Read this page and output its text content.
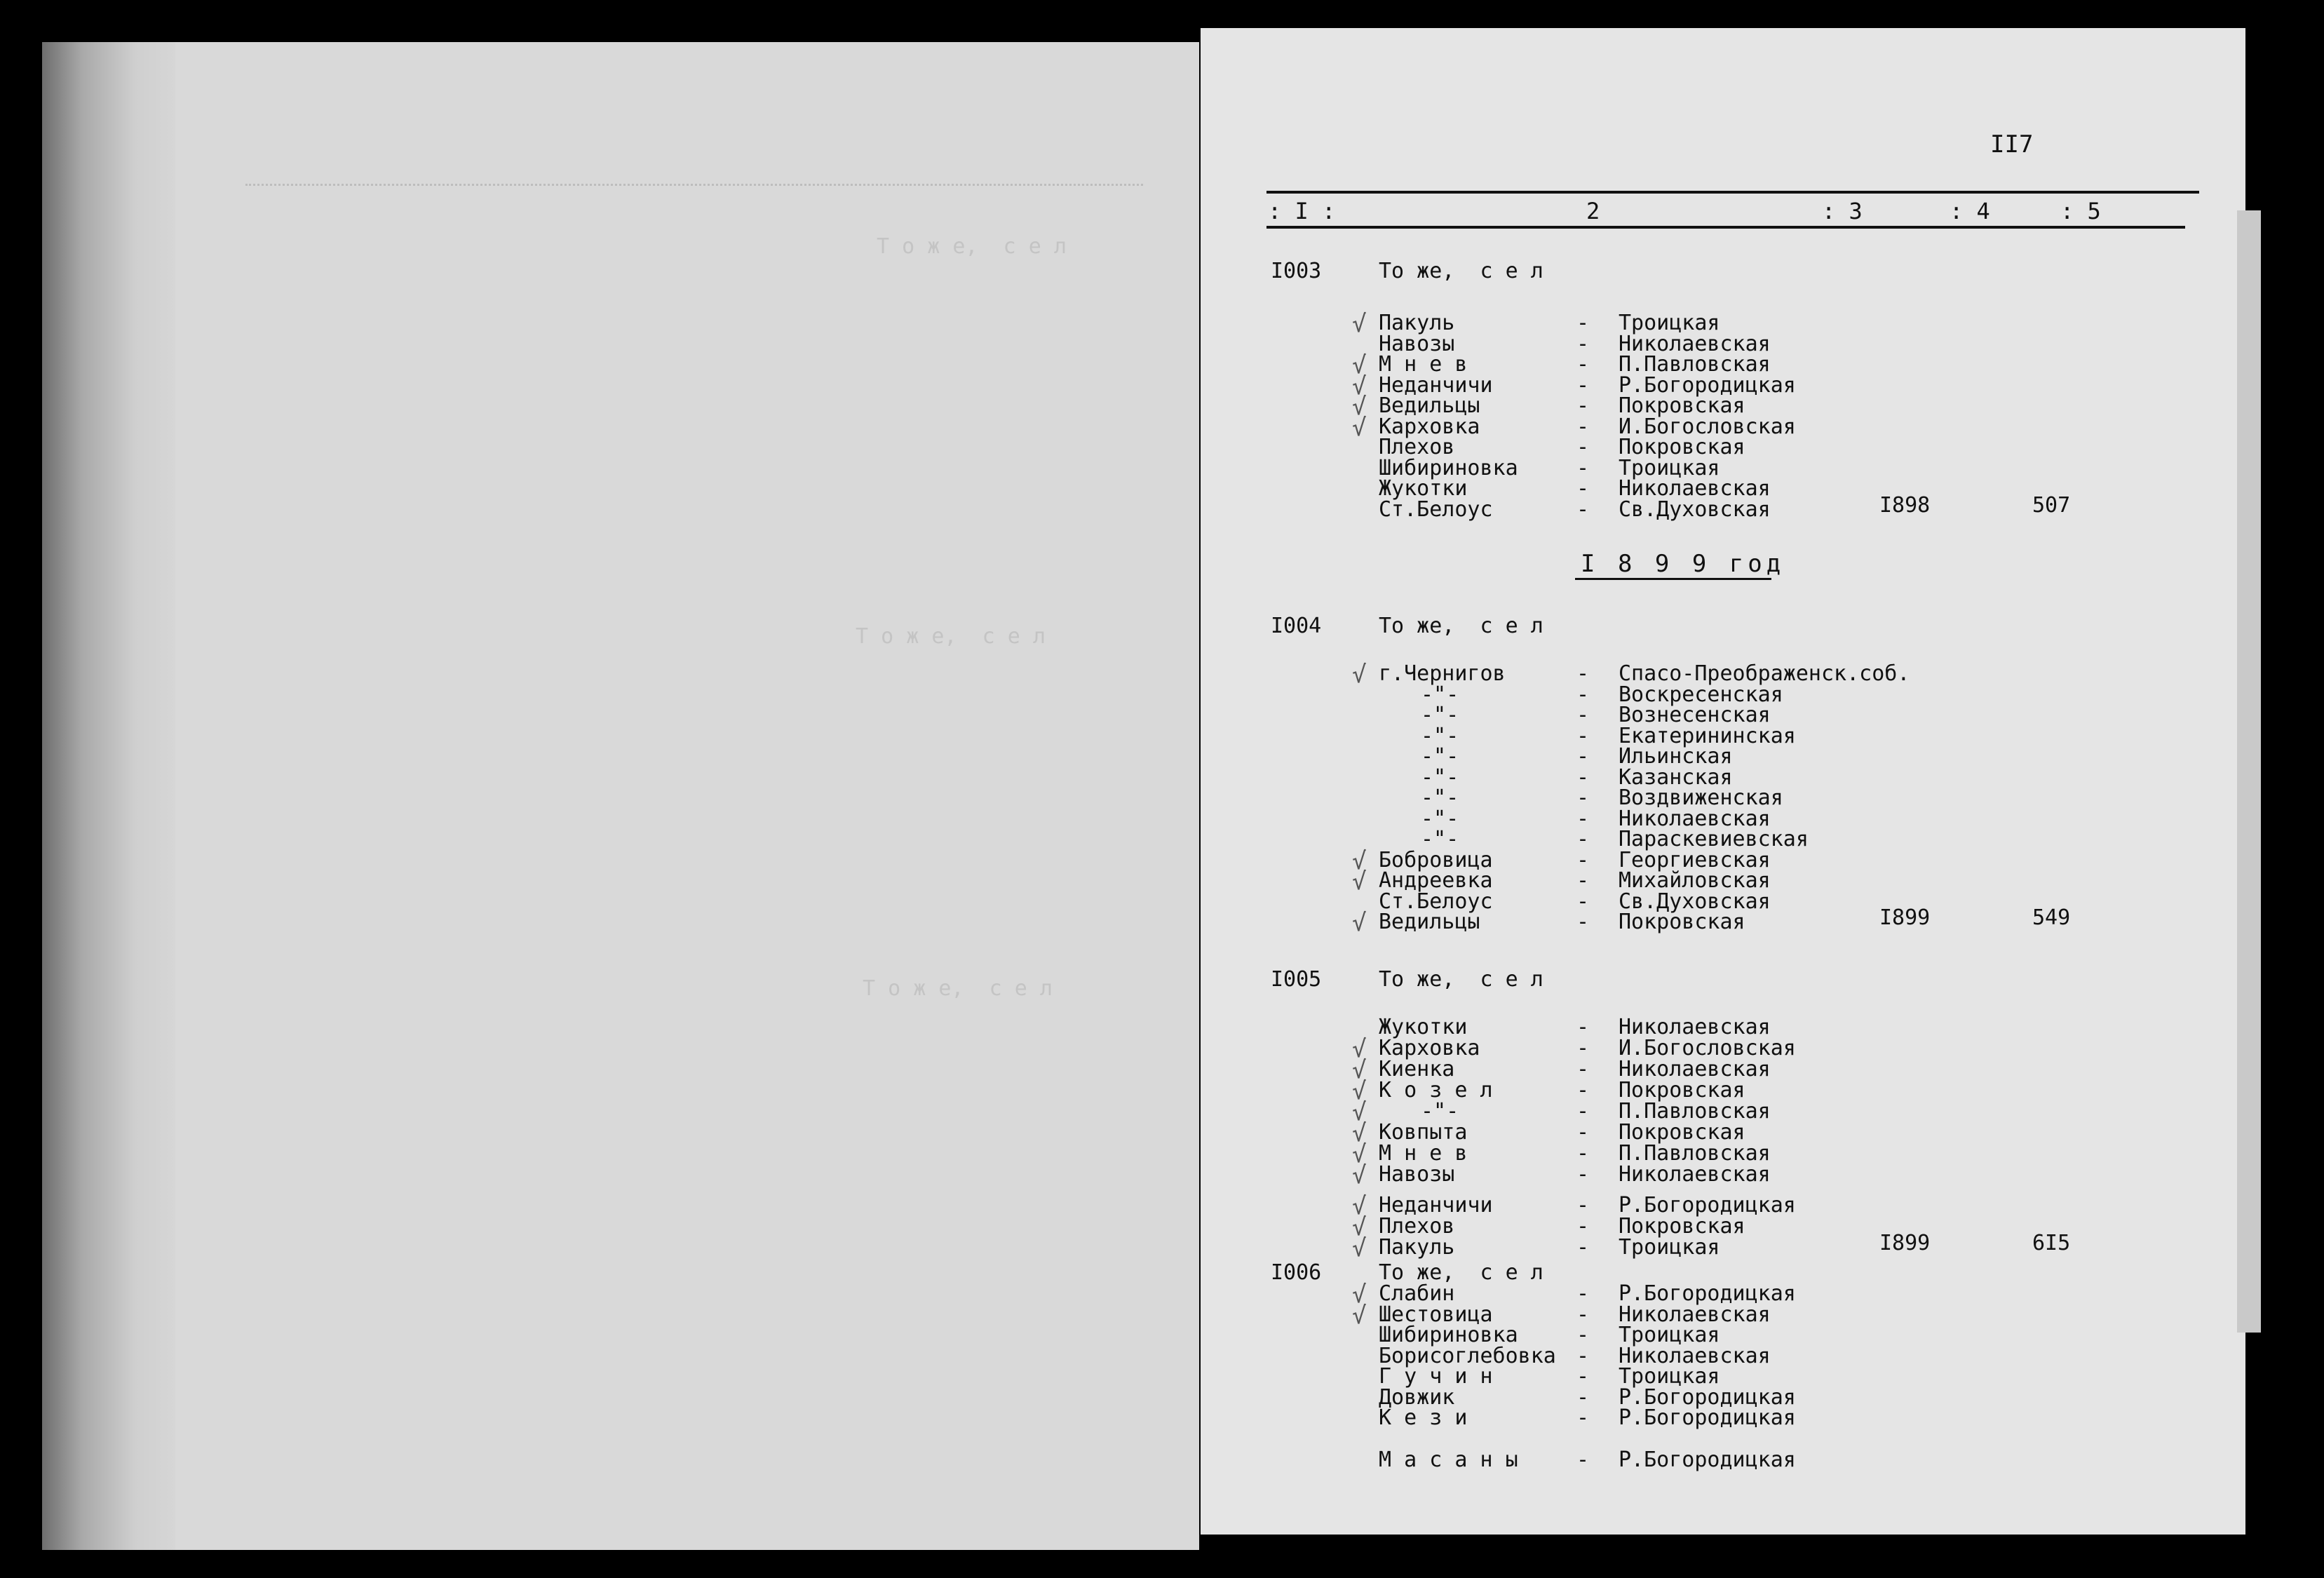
Т о ж е,  с е л
Т о ж е,  с е л
Т о ж е,  с е л
II7
: I :	2	: 3	: 4	: 5
I003	То же,  с е л
√ Пакуль	- Троицкая
Навозы	- Николаевская
√ М н е в	- П.Павловская
√ Неданчичи	- Р.Богородицкая
√ Ведильцы	- Покровская
√ Карховка	- И.Богословская
Плехов	- Покровская
Шибириновка	- Троицкая
Жукотки	- Николаевская
Ст.Белоус	- Св.Духовская	I898	507
I004	То же,  с е л
√ г.Чернигов	- Спасо-Преображенск.соб.
-"-	- Воскресенская
-"-	- Вознесенская
-"-	- Екатерининская
-"-	- Ильинская
-"-	- Казанская
-"-	- Воздвиженская
-"-	- Николаевская
-"-	- Параскевиевская
√ Бобровица	- Георгиевская
√ Андреевка	- Михайловская
Ст.Белоус	- Св.Духовская
√ Ведильцы	- Покровская	I899	549
I005	То же,  с е л
Жукотки	- Николаевская
√ Карховка	- И.Богословская
√ Киенка	- Николаевская
√ К о з е л	- Покровская
√	-"-	- П.Павловская
√ Ковпыта	- Покровская
√ М н е в	- П.Павловская
√ Навозы	- Николаевская
√ Неданчичи	- Р.Богородицкая
√ Плехов	- Покровская
√ Пакуль	- Троицкая	I899	6I5
I006	То же,  с е л
√ Слабин	- Р.Богородицкая
√ Шестовица	- Николаевская
Шибириновка	- Троицкая
Борисоглебовка - Николаевская
Г у ч и н	- Троицкая
Довжик	- Р.Богородицкая
К е з и	- Р.Богородицкая
М а с а н ы	- Р.Богородицкая
I 8 9 9 год
